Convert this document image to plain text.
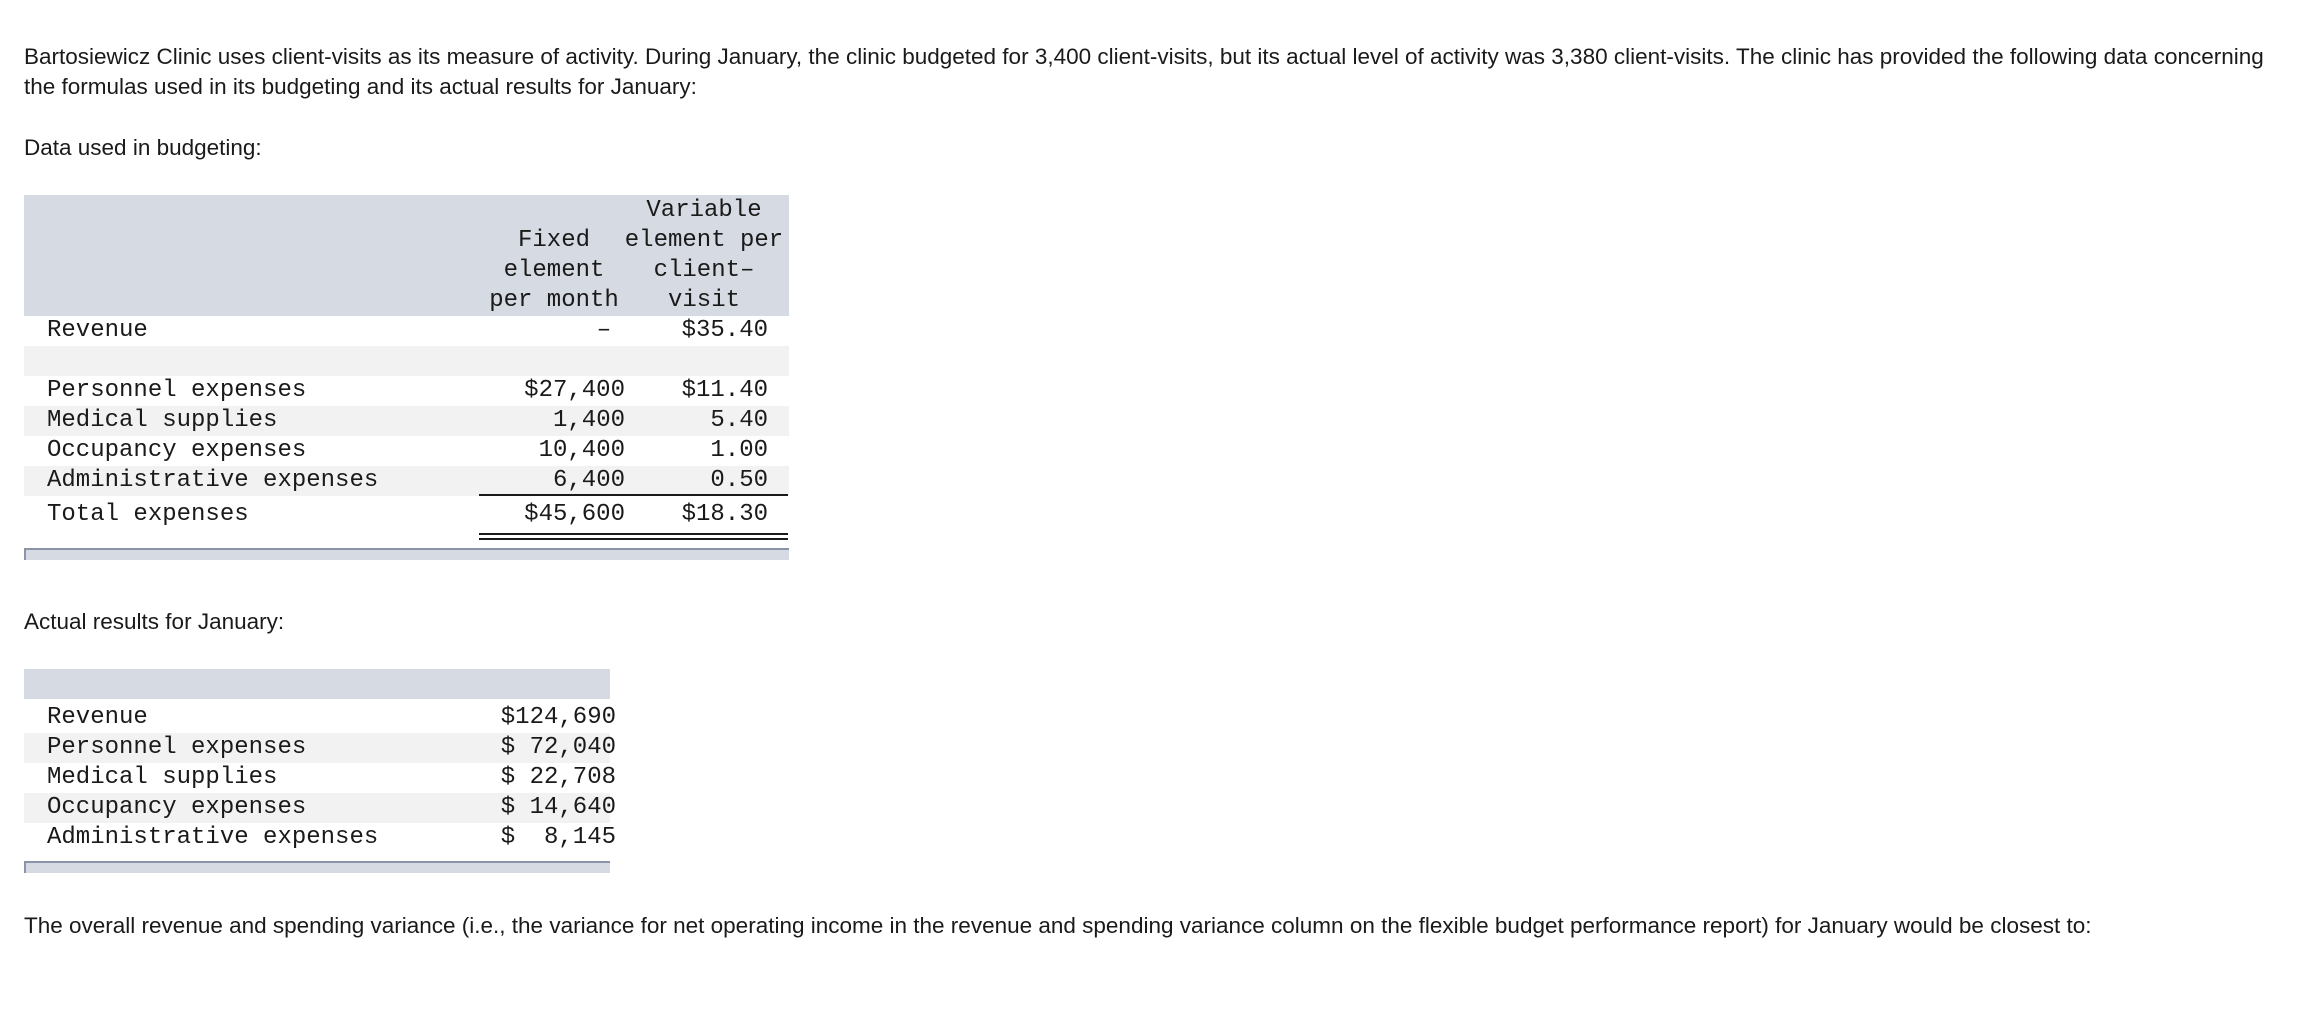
Bartosiewicz Clinic uses client-visits as its measure of activity. During January, the clinic budgeted for 3,400 client-visits, but its actual level of activity was 3,380 client-visits. The clinic has provided the following data concerning the formulas used in its budgeting and its actual results for January:

Data used in budgeting:

Fixed element per month
Variable element per client–visit
Revenue	–	$35.40
Personnel expenses	$27,400	$11.40
Medical supplies	1,400	5.40
Occupancy expenses	10,400	1.00
Administrative expenses	6,400	0.50
Total expenses	$45,600	$18.30

Actual results for January:

Revenue	$124,690
Personnel expenses	$ 72,040
Medical supplies	$ 22,708
Occupancy expenses	$ 14,640
Administrative expenses	$  8,145

The overall revenue and spending variance (i.e., the variance for net operating income in the revenue and spending variance column on the flexible budget performance report) for January would be closest to:
